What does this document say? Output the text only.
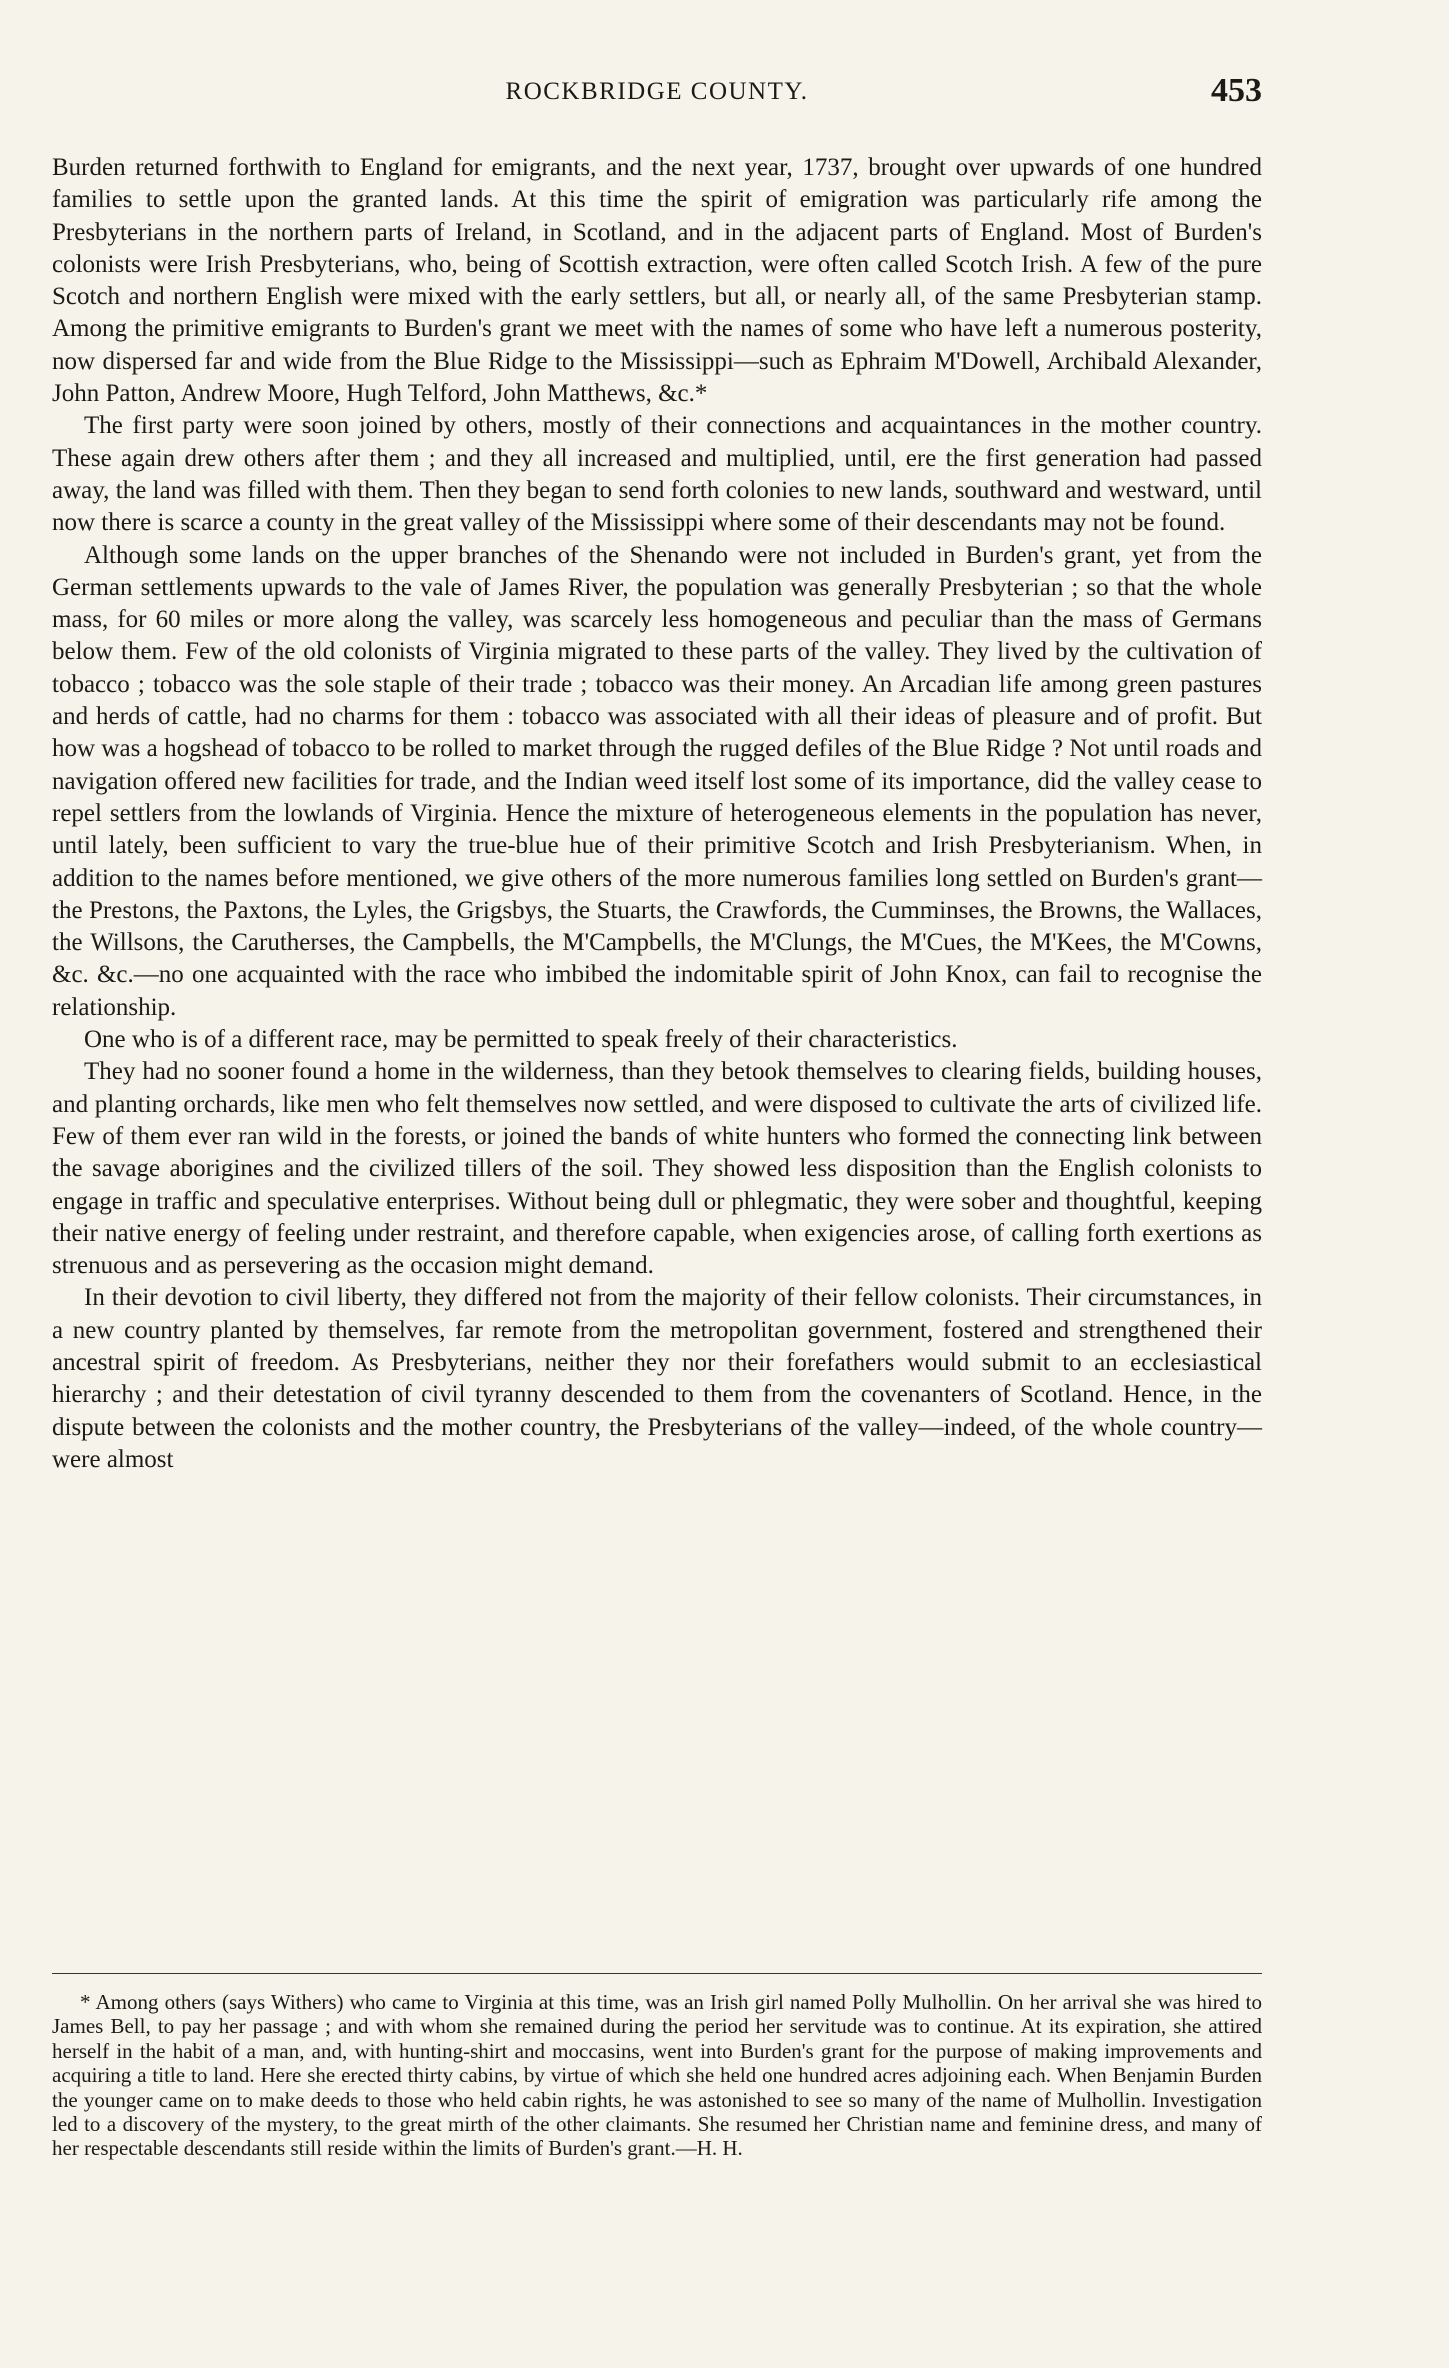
ROCKBRIDGE COUNTY.	453

Burden returned forthwith to England for emigrants, and the next year, 1737, brought over upwards of one hundred families to settle upon the granted lands. At this time the spirit of emigration was particularly rife among the Presbyterians in the northern parts of Ireland, in Scotland, and in the adjacent parts of England. Most of Burden's colonists were Irish Presbyterians, who, being of Scottish extraction, were often called Scotch Irish. A few of the pure Scotch and northern English were mixed with the early settlers, but all, or nearly all, of the same Presbyterian stamp. Among the primitive emigrants to Burden's grant we meet with the names of some who have left a numerous posterity, now dispersed far and wide from the Blue Ridge to the Mississippi—such as Ephraim M'Dowell, Archibald Alexander, John Patton, Andrew Moore, Hugh Telford, John Matthews, &c.*

The first party were soon joined by others, mostly of their connections and acquaintances in the mother country. These again drew others after them ; and they all increased and multiplied, until, ere the first generation had passed away, the land was filled with them. Then they began to send forth colonies to new lands, southward and westward, until now there is scarce a county in the great valley of the Mississippi where some of their descendants may not be found.

Although some lands on the upper branches of the Shenando were not included in Burden's grant, yet from the German settlements upwards to the vale of James River, the population was generally Presbyterian ; so that the whole mass, for 60 miles or more along the valley, was scarcely less homogeneous and peculiar than the mass of Germans below them. Few of the old colonists of Virginia migrated to these parts of the valley. They lived by the cultivation of tobacco ; tobacco was the sole staple of their trade ; tobacco was their money. An Arcadian life among green pastures and herds of cattle, had no charms for them : tobacco was associated with all their ideas of pleasure and of profit. But how was a hogshead of tobacco to be rolled to market through the rugged defiles of the Blue Ridge ? Not until roads and navigation offered new facilities for trade, and the Indian weed itself lost some of its importance, did the valley cease to repel settlers from the lowlands of Virginia. Hence the mixture of heterogeneous elements in the population has never, until lately, been sufficient to vary the true-blue hue of their primitive Scotch and Irish Presbyterianism. When, in addition to the names before mentioned, we give others of the more numerous families long settled on Burden's grant—the Prestons, the Paxtons, the Lyles, the Grigsbys, the Stuarts, the Crawfords, the Cumminses, the Browns, the Wallaces, the Willsons, the Carutherses, the Campbells, the M'Campbells, the M'Clungs, the M'Cues, the M'Kees, the M'Cowns, &c. &c.—no one acquainted with the race who imbibed the indomitable spirit of John Knox, can fail to recognise the relationship.

One who is of a different race, may be permitted to speak freely of their characteristics.

They had no sooner found a home in the wilderness, than they betook themselves to clearing fields, building houses, and planting orchards, like men who felt themselves now settled, and were disposed to cultivate the arts of civilized life. Few of them ever ran wild in the forests, or joined the bands of white hunters who formed the connecting link between the savage aborigines and the civilized tillers of the soil. They showed less disposition than the English colonists to engage in traffic and speculative enterprises. Without being dull or phlegmatic, they were sober and thoughtful, keeping their native energy of feeling under restraint, and therefore capable, when exigencies arose, of calling forth exertions as strenuous and as persevering as the occasion might demand.

In their devotion to civil liberty, they differed not from the majority of their fellow colonists. Their circumstances, in a new country planted by themselves, far remote from the metropolitan government, fostered and strengthened their ancestral spirit of freedom. As Presbyterians, neither they nor their forefathers would submit to an ecclesiastical hierarchy ; and their detestation of civil tyranny descended to them from the covenanters of Scotland. Hence, in the dispute between the colonists and the mother country, the Presbyterians of the valley—indeed, of the whole country—were almost

* Among others (says Withers) who came to Virginia at this time, was an Irish girl named Polly Mulhollin. On her arrival she was hired to James Bell, to pay her passage ; and with whom she remained during the period her servitude was to continue. At its expiration, she attired herself in the habit of a man, and, with hunting-shirt and moccasins, went into Burden's grant for the purpose of making improvements and acquiring a title to land. Here she erected thirty cabins, by virtue of which she held one hundred acres adjoining each. When Benjamin Burden the younger came on to make deeds to those who held cabin rights, he was astonished to see so many of the name of Mulhollin. Investigation led to a discovery of the mystery, to the great mirth of the other claimants. She resumed her Christian name and feminine dress, and many of her respectable descendants still reside within the limits of Burden's grant.—H. H.
